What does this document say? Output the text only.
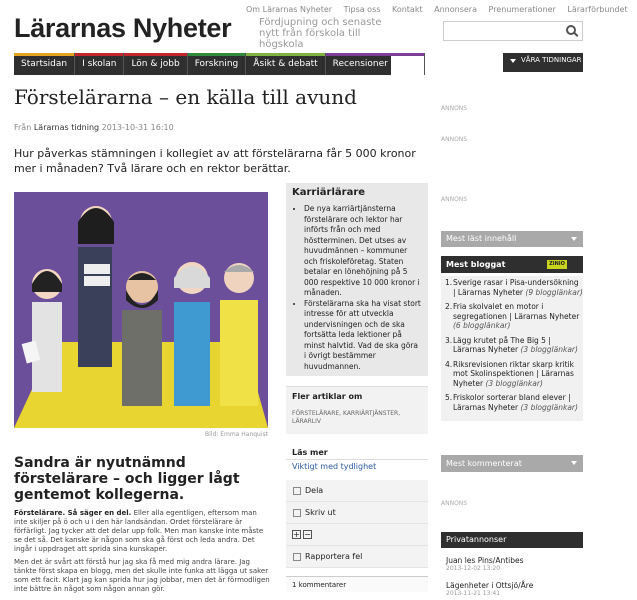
Om Lärarnas Nyheter Tipsa oss Kontakt Annonsera Prenumerationer Lärarförbundet
Lärarnas Nyheter	Fördjupning och senaste nytt från förskola till högskola
Startsidan	I skolan	Lön & jobb	Forskning	Åsikt & debatt	Recensioner & tips	VÅRA TIDNINGAR
Förstelärarna – en källa till avund
Från Lärarnas tidning 2013-10-31 16:10
Hur påverkas stämningen i kollegiet av att förstelärarna får 5 000 kronor mer i månaden? Två lärare och en rektor berättar.
Bild: Emma Hanquist
Karriärlärare
• De nya karriärtjänsterna förstelärare och lektor har införts från och med höstterminen. Det utses av huvudmännen – kommuner och friskoleföretag. Staten betalar en lönehöjning på 5 000 respektive 10 000 kronor i månaden.
• Förstelärarna ska ha visat stort intresse för att utveckla undervisningen och de ska fortsätta leda lektioner på minst halvtid. Vad de ska göra i övrigt bestämmer huvudmannen.
Fler artiklar om

FÖRSTELÄRARE, KARRIÄRTJÄNSTER, LÄRARLIV

Läs mer
Viktigt med tydlighet
Dela
Skriv ut
+ −
Rapportera fel
1 kommentarer
Sandra är nyutnämnd förstelärare – och ligger lågt gentemot kollegerna.

Förstelärare. Så säger en del. Eller alla egentligen, eftersom man inte skiljer på ö och u i den här landsändan. Ordet förstelärare är förfärligt. Jag tycker att det delar upp folk. Men man kanske inte måste se det så. Det kanske är någon som ska gå först och leda andra. Det ingår i uppdraget att sprida sina kunskaper.

Men det är svårt att förstå hur jag ska få med mig andra lärare. Jag tänkte först skapa en blogg, men det skulle inte funka att lägga ut saker som ett facit. Klart jag kan sprida hur jag jobbar, men det är förmodligen inte bättre än något som någon annan gör.

ANNONS
ANNONS
ANNONS
Mest läst innehåll
Mest bloggat	ZINIO
1. Sverige rasar i Pisa-undersökning | Lärarnas Nyheter (9 blogglänkar)
2. Fria skolvalet en motor i segregationen | Lärarnas Nyheter (6 blogglänkar)
3. Lägg krutet på The Big 5 | Lärarnas Nyheter (3 blogglänkar)
4. Riksrevisionen riktar skarp kritik mot Skolinspektionen | Lärarnas Nyheter (3 blogglänkar)
5. Friskolor sorterar bland elever | Lärarnas Nyheter (3 blogglänkar)
Mest kommenterat
ANNONS
Privatannonser
Juan les Pins/Antibes
2013-12-02 13:20
Lägenheter i Ottsjö/Åre
2013-11-21 13:41
